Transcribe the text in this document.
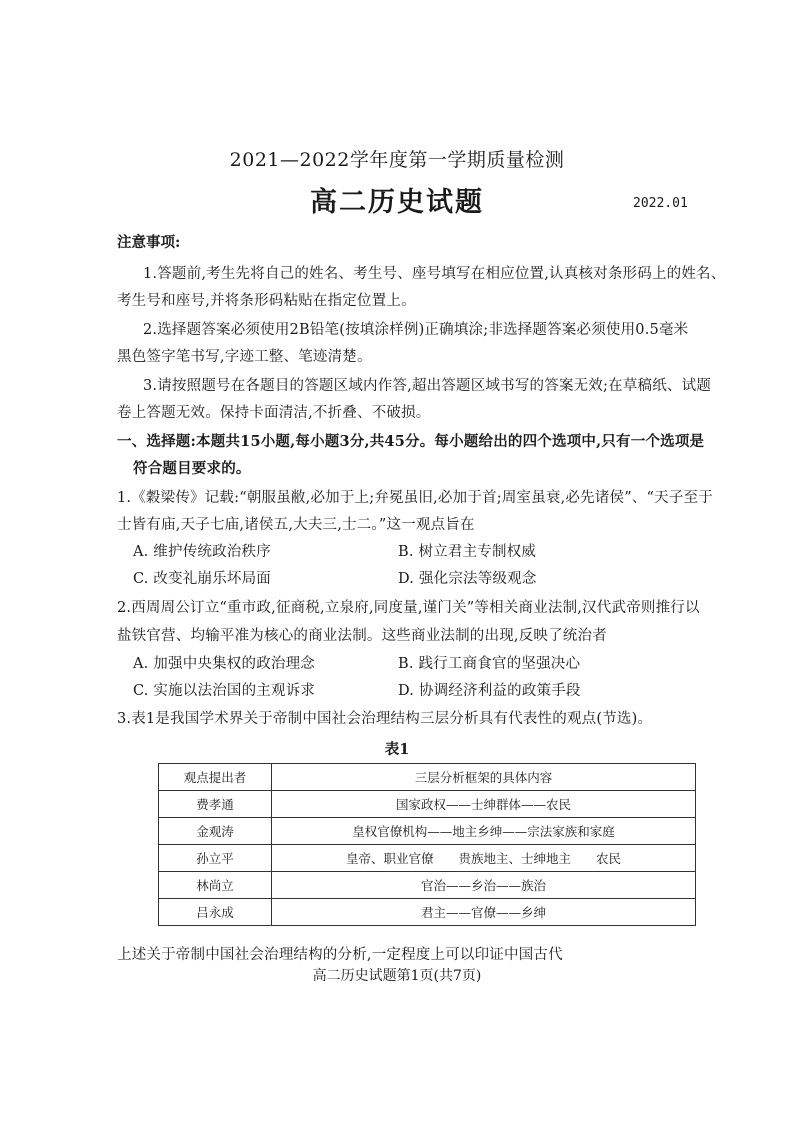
2021—2022学年度第一学期质量检测
高二历史试题	2022.01
注意事项:
1.答题前,考生先将自己的姓名、考生号、座号填写在相应位置,认真核对条形码上的姓名、
考生号和座号,并将条形码粘贴在指定位置上。
2.选择题答案必须使用2B铅笔(按填涂样例)正确填涂;非选择题答案必须使用0.5毫米
黑色签字笔书写,字迹工整、笔迹清楚。
3.请按照题号在各题目的答题区域内作答,超出答题区域书写的答案无效;在草稿纸、试题
卷上答题无效。保持卡面清洁,不折叠、不破损。
一、选择题:本题共15小题,每小题3分,共45分。每小题给出的四个选项中,只有一个选项是
符合题目要求的。
1.《穀梁传》记载:“朝服虽敝,必加于上;弁冕虽旧,必加于首;周室虽衰,必先诸侯”、“天子至于
士皆有庙,天子七庙,诸侯五,大夫三,士二。”这一观点旨在
A. 维护传统政治秩序	B. 树立君主专制权威
C. 改变礼崩乐坏局面	D. 强化宗法等级观念
2.西周周公订立“重市政,征商税,立泉府,同度量,谨门关”等相关商业法制,汉代武帝则推行以
盐铁官营、均输平准为核心的商业法制。这些商业法制的出现,反映了统治者
A. 加强中央集权的政治理念	B. 践行工商食官的坚强决心
C. 实施以法治国的主观诉求	D. 协调经济利益的政策手段
3.表1是我国学术界关于帝制中国社会治理结构三层分析具有代表性的观点(节选)。
表1
观点提出者	三层分析框架的具体内容
费孝通	国家政权——士绅群体——农民
金观涛	皇权官僚机构——地主乡绅——宗法家族和家庭
孙立平	皇帝、职业官僚　　贵族地主、士绅地主　　农民
林尚立	官治——乡治——族治
吕永成	君主——官僚——乡绅
上述关于帝制中国社会治理结构的分析,一定程度上可以印证中国古代
高二历史试题第1页(共7页)
